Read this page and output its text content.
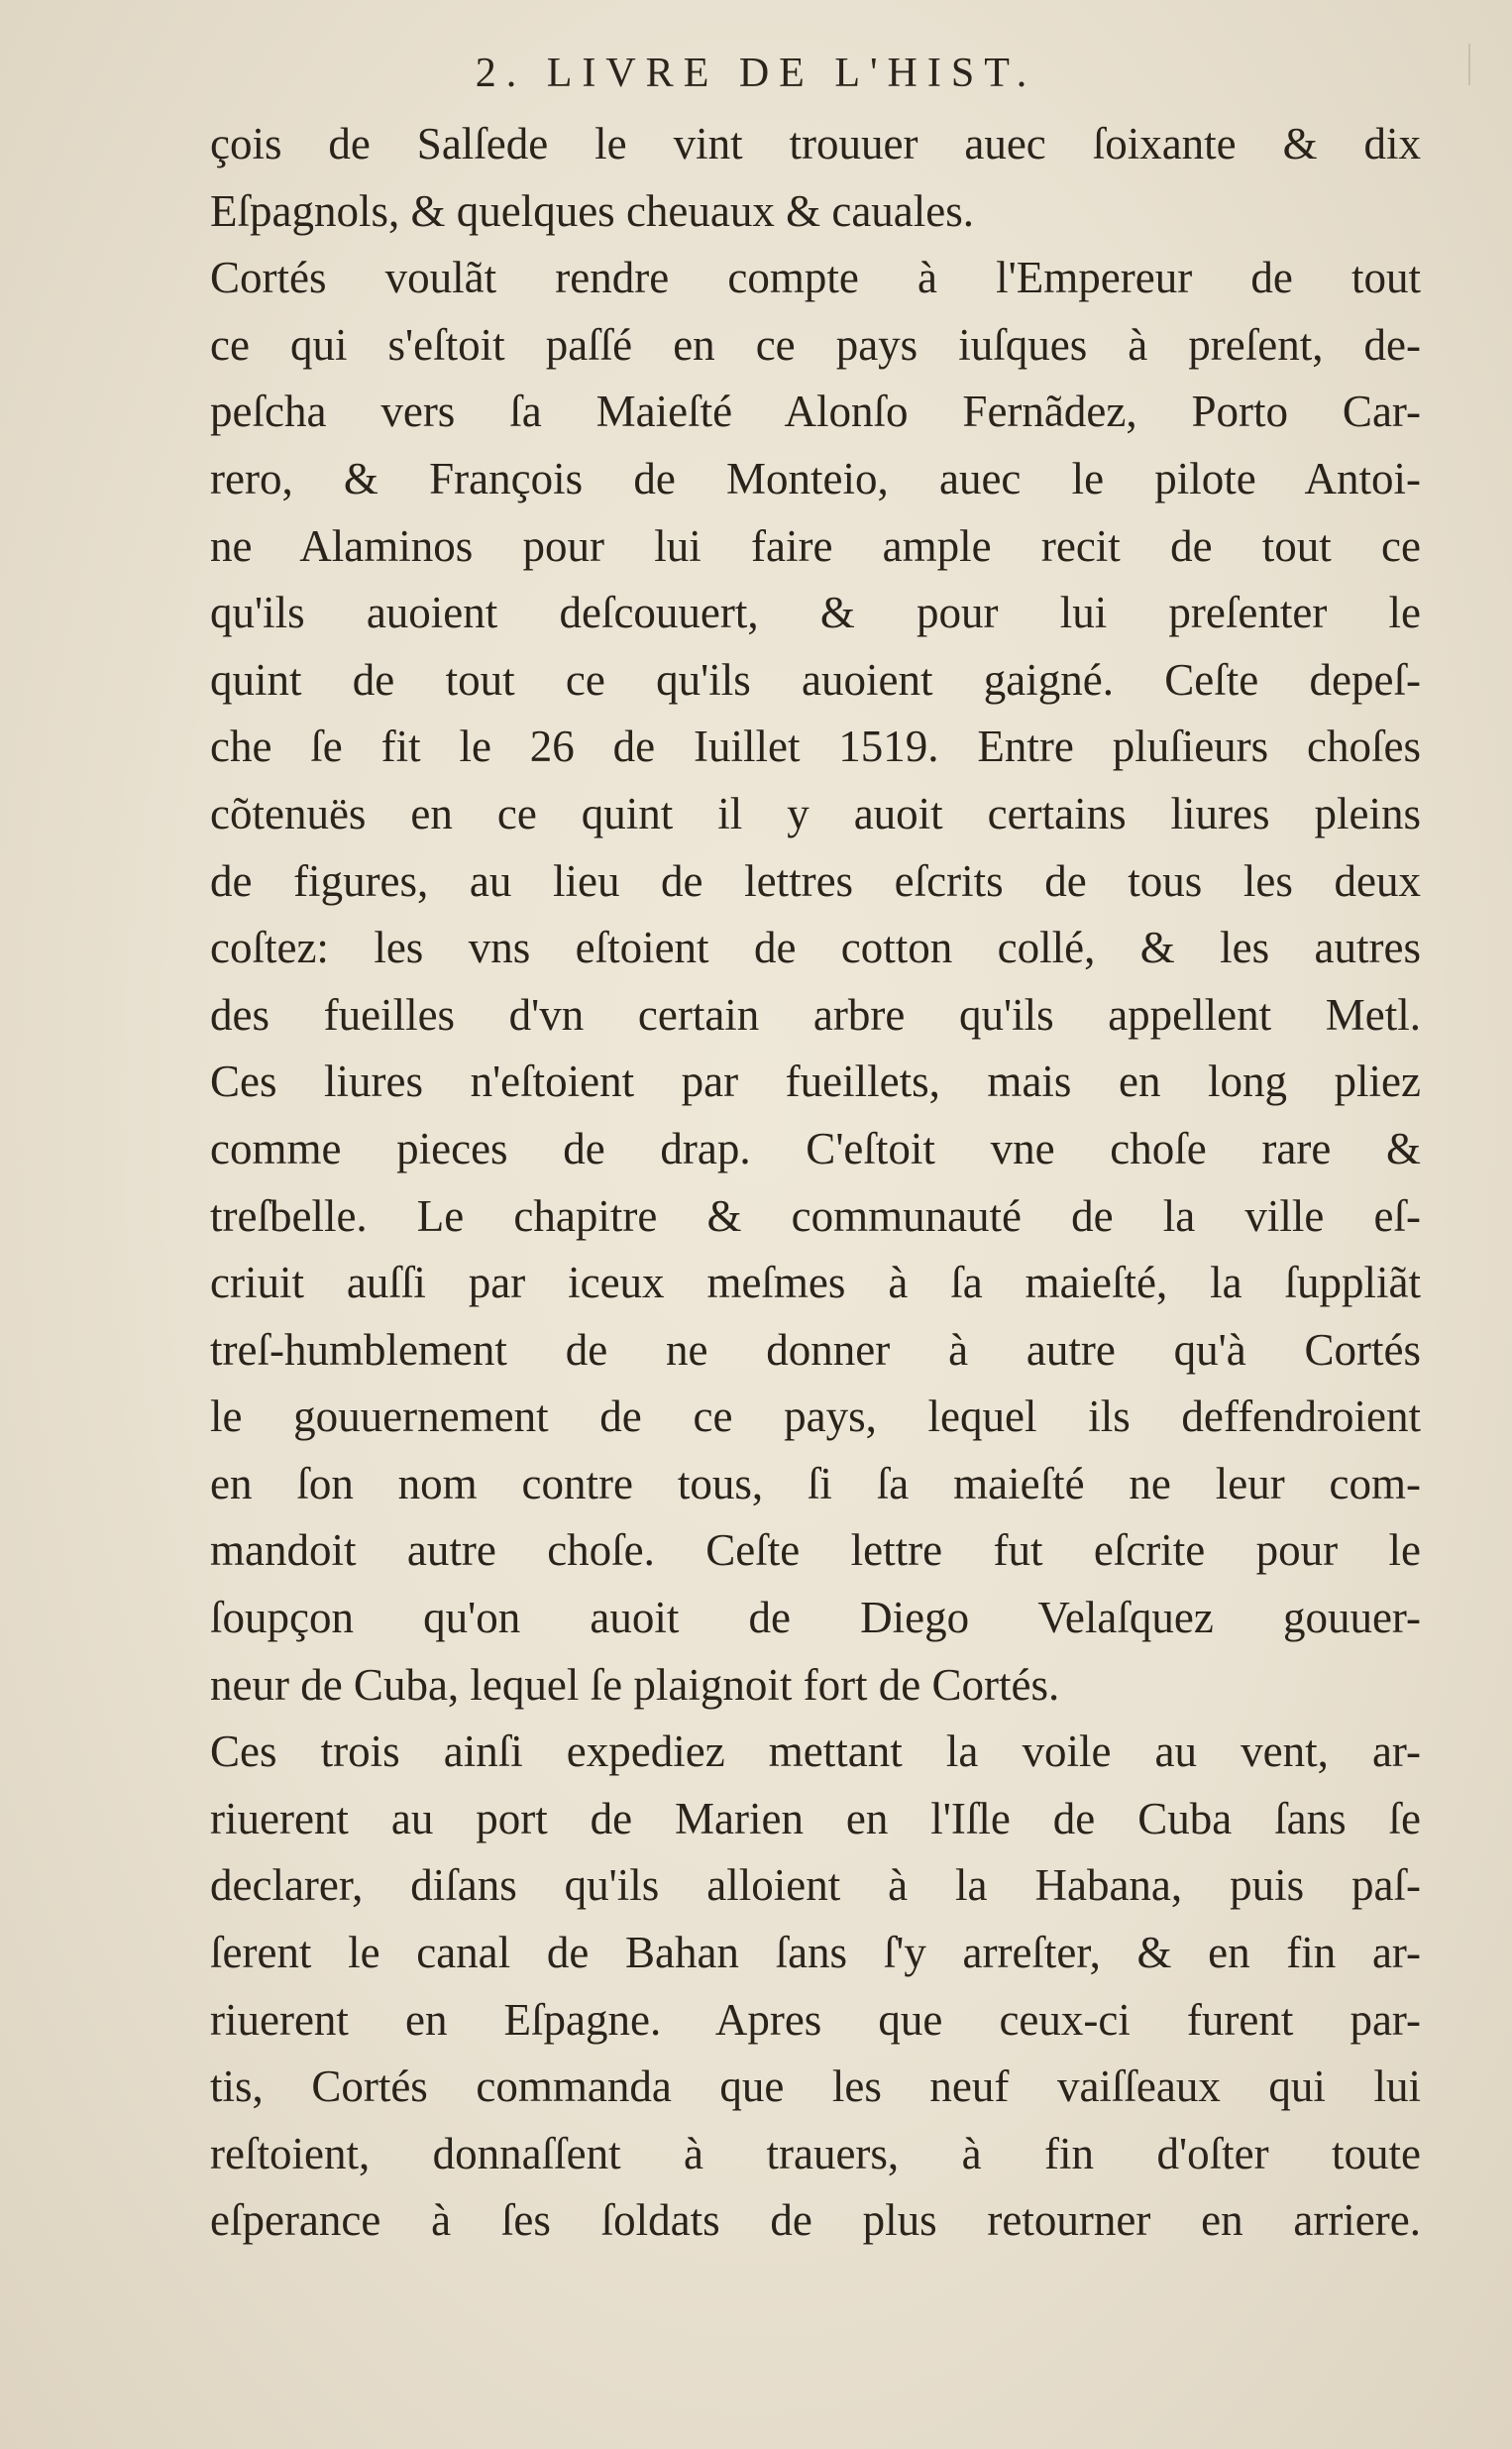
2. LIVRE DE L'HIST.
çois de Salſede le vint trouuer auec ſoixante & dix
Eſpagnols, & quelques cheuaux & cauales.
Cortés voulãt rendre compte à l'Empereur de tout
ce qui s'eſtoit paſſé en ce pays iuſques à preſent, de-
peſcha vers ſa Maieſté Alonſo Fernãdez, Porto Car-
rero, & François de Monteio, auec le pilote Antoi-
ne Alaminos pour lui faire ample recit de tout ce
qu'ils auoient deſcouuert, & pour lui preſenter le
quint de tout ce qu'ils auoient gaigné. Ceſte depeſ-
che ſe fit le 26 de Iuillet 1519. Entre pluſieurs choſes
cõtenuës en ce quint il y auoit certains liures pleins
de figures, au lieu de lettres eſcrits de tous les deux
coſtez: les vns eſtoient de cotton collé, & les autres
des fueilles d'vn certain arbre qu'ils appellent Metl.
Ces liures n'eſtoient par fueillets, mais en long pliez
comme pieces de drap. C'eſtoit vne choſe rare &
treſbelle. Le chapitre & communauté de la ville eſ-
criuit auſſi par iceux meſmes à ſa maieſté, la ſuppliãt
treſ-humblement de ne donner à autre qu'à Cortés
le gouuernement de ce pays, lequel ils deffendroient
en ſon nom contre tous, ſi ſa maieſté ne leur com-
mandoit autre choſe. Ceſte lettre fut eſcrite pour le
ſoupçon qu'on auoit de Diego Velaſquez gouuer-
neur de Cuba, lequel ſe plaignoit fort de Cortés.
Ces trois ainſi expediez mettant la voile au vent, ar-
riuerent au port de Marien en l'Iſle de Cuba ſans ſe
declarer, diſans qu'ils alloient à la Habana, puis paſ-
ſerent le canal de Bahan ſans ſ'y arreſter, & en fin ar-
riuerent en Eſpagne. Apres que ceux-ci furent par-
tis, Cortés commanda que les neuf vaiſſeaux qui lui
reſtoient, donnaſſent à trauers, à fin d'oſter toute
eſperance à ſes ſoldats de plus retourner en arriere.
